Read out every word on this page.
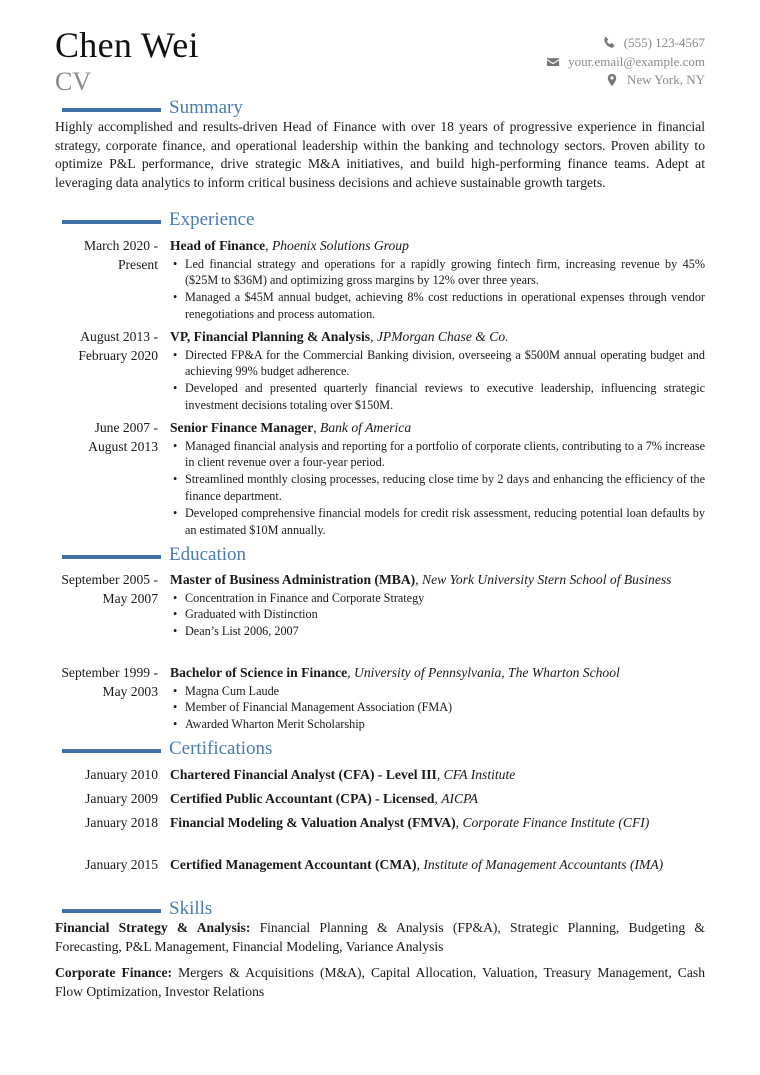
Chen Wei
CV
(555) 123-4567
your.email@example.com
New York, NY
Summary

Highly accomplished and results-driven Head of Finance with over 18 years of progressive experience in financial strategy, corporate finance, and operational leadership within the banking and technology sectors. Proven ability to optimize P&L performance, drive strategic M&A initiatives, and build high-performing finance teams. Adept at leveraging data analytics to inform critical business decisions and achieve sustainable growth targets.

Experience
March 2020 - Present
Head of Finance, Phoenix Solutions Group
• Led financial strategy and operations for a rapidly growing fintech firm, increasing revenue by 45% ($25M to $36M) and optimizing gross margins by 12% over three years.
• Managed a $45M annual budget, achieving 8% cost reductions in operational expenses through vendor renegotiations and process automation.
August 2013 - February 2020
VP, Financial Planning & Analysis, JPMorgan Chase & Co.
• Directed FP&A for the Commercial Banking division, overseeing a $500M annual operating budget and achieving 99% budget adherence.
• Developed and presented quarterly financial reviews to executive leadership, influencing strategic investment decisions totaling over $150M.
June 2007 - August 2013
Senior Finance Manager, Bank of America
• Managed financial analysis and reporting for a portfolio of corporate clients, contributing to a 7% increase in client revenue over a four-year period.
• Streamlined monthly closing processes, reducing close time by 2 days and enhancing the efficiency of the finance department.
• Developed comprehensive financial models for credit risk assessment, reducing potential loan defaults by an estimated $10M annually.
Education
September 2005 - May 2007
Master of Business Administration (MBA), New York University Stern School of Business
• Concentration in Finance and Corporate Strategy
• Graduated with Distinction
• Dean’s List 2006, 2007
September 1999 - May 2003
Bachelor of Science in Finance, University of Pennsylvania, The Wharton School
• Magna Cum Laude
• Member of Financial Management Association (FMA)
• Awarded Wharton Merit Scholarship
Certifications
January 2010 Chartered Financial Analyst (CFA) - Level III, CFA Institute
January 2009 Certified Public Accountant (CPA) - Licensed, AICPA
January 2018 Financial Modeling & Valuation Analyst (FMVA), Corporate Finance Institute (CFI)
January 2015 Certified Management Accountant (CMA), Institute of Management Accountants (IMA)
Skills

Financial Strategy & Analysis: Financial Planning & Analysis (FP&A), Strategic Planning, Budgeting & Forecasting, P&L Management, Financial Modeling, Variance Analysis

Corporate Finance: Mergers & Acquisitions (M&A), Capital Allocation, Valuation, Treasury Management, Cash Flow Optimization, Investor Relations
